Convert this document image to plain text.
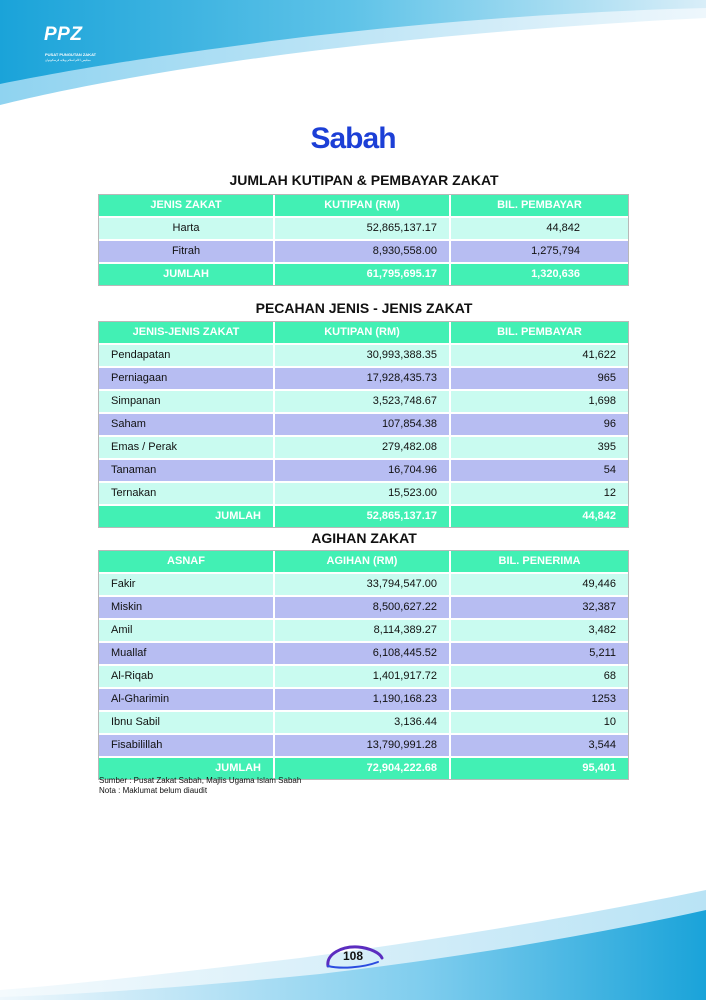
PPZ
PUSAT PUNGUTAN ZAKAT
مجليس اݢام اسلام ويلايه ڤرسکوتوان
Sabah
JUMLAH KUTIPAN & PEMBAYAR ZAKAT
JENIS ZAKAT	KUTIPAN (RM)	BIL. PEMBAYAR
Harta	52,865,137.17	44,842
Fitrah	8,930,558.00	1,275,794
JUMLAH	61,795,695.17	1,320,636
PECAHAN JENIS - JENIS ZAKAT
JENIS-JENIS ZAKAT	KUTIPAN (RM)	BIL. PEMBAYAR
Pendapatan	30,993,388.35	41,622
Perniagaan	17,928,435.73	965
Simpanan	3,523,748.67	1,698
Saham	107,854.38	96
Emas / Perak	279,482.08	395
Tanaman	16,704.96	54
Ternakan	15,523.00	12
JUMLAH	52,865,137.17	44,842
AGIHAN ZAKAT
ASNAF	AGIHAN (RM)	BIL. PENERIMA
Fakir	33,794,547.00	49,446
Miskin	8,500,627.22	32,387
Amil	8,114,389.27	3,482
Muallaf	6,108,445.52	5,211
Al-Riqab	1,401,917.72	68
Al-Gharimin	1,190,168.23	1253
Ibnu Sabil	3,136.44	10
Fisabilillah	13,790,991.28	3,544
JUMLAH	72,904,222.68	95,401
Sumber : Pusat Zakat Sabah, Majlis Ugama Islam Sabah
Nota : Maklumat belum diaudit
108
